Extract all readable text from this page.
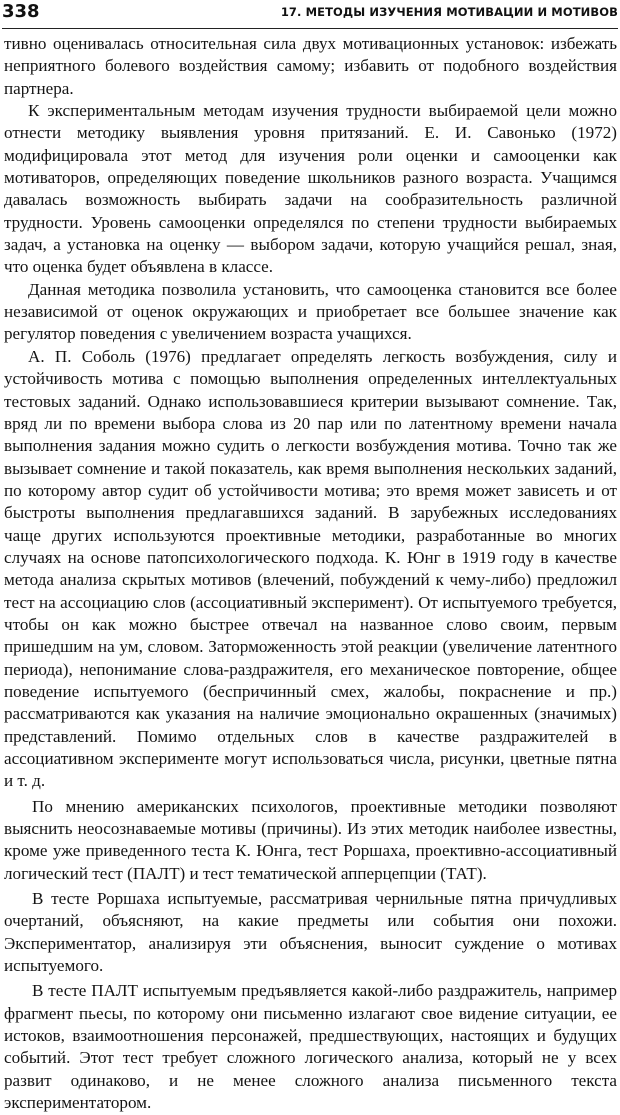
338	17. МЕТОДЫ ИЗУЧЕНИЯ МОТИВАЦИИ И МОТИВОВ

тивно оценивалась относительная сила двух мотивационных установок: избежать неприятного болевого воздействия самому; избавить от подобного воздействия партнера.

К экспериментальным методам изучения трудности выбираемой цели можно отнести методику выявления уровня притязаний. Е. И. Савонько (1972) модифицировала этот метод для изучения роли оценки и самооценки как мотиваторов, определяющих поведение школьников разного возраста. Учащимся давалась возможность выбирать задачи на сообразительность различной трудности. Уровень самооценки определялся по степени трудности выбираемых задач, а установка на оценку — выбором задачи, которую учащийся решал, зная, что оценка будет объявлена в классе.

Данная методика позволила установить, что самооценка становится все более независимой от оценок окружающих и приобретает все большее значение как регулятор поведения с увеличением возраста учащихся.

А. П. Соболь (1976) предлагает определять легкость возбуждения, силу и устойчивость мотива с помощью выполнения определенных интеллектуальных тестовых заданий. Однако использовавшиеся критерии вызывают сомнение. Так, вряд ли по времени выбора слова из 20 пар или по латентному времени начала выполнения задания можно судить о легкости возбуждения мотива. Точно так же вызывает сомнение и такой показатель, как время выполнения нескольких заданий, по которому автор судит об устойчивости мотива; это время может зависеть и от быстроты выполнения предлагавшихся заданий. В зарубежных исследованиях чаще других используются проективные методики, разработанные во многих случаях на основе патопсихологического подхода. К. Юнг в 1919 году в качестве метода анализа скрытых мотивов (влечений, побуждений к чему-либо) предложил тест на ассоциацию слов (ассоциативный эксперимент). От испытуемого требуется, чтобы он как можно быстрее отвечал на названное слово своим, первым пришедшим на ум, словом. Заторможенность этой реакции (увеличение латентного периода), непонимание слова-раздражителя, его механическое повторение, общее поведение испытуемого (беспричинный смех, жалобы, покраснение и пр.) рассматриваются как указания на наличие эмоционально окрашенных (значимых) представлений. Помимо отдельных слов в качестве раздражителей в ассоциативном эксперименте могут использоваться числа, рисунки, цветные пятна и т. д.

По мнению американских психологов, проективные методики позволяют выяснить неосознаваемые мотивы (причины). Из этих методик наиболее известны, кроме уже приведенного теста К. Юнга, тест Роршаха, проективно-ассоциативный логический тест (ПАЛТ) и тест тематической апперцепции (ТАТ).

В тесте Роршаха испытуемые, рассматривая чернильные пятна причудливых очертаний, объясняют, на какие предметы или события они похожи. Экспериментатор, анализируя эти объяснения, выносит суждение о мотивах испытуемого.

В тесте ПАЛТ испытуемым предъявляется какой-либо раздражитель, например фрагмент пьесы, по которому они письменно излагают свое видение ситуации, ее истоков, взаимоотношения персонажей, предшествующих, настоящих и будущих событий. Этот тест требует сложного логического анализа, который не у всех развит одинаково, и не менее сложного анализа письменного текста экспериментатором.
